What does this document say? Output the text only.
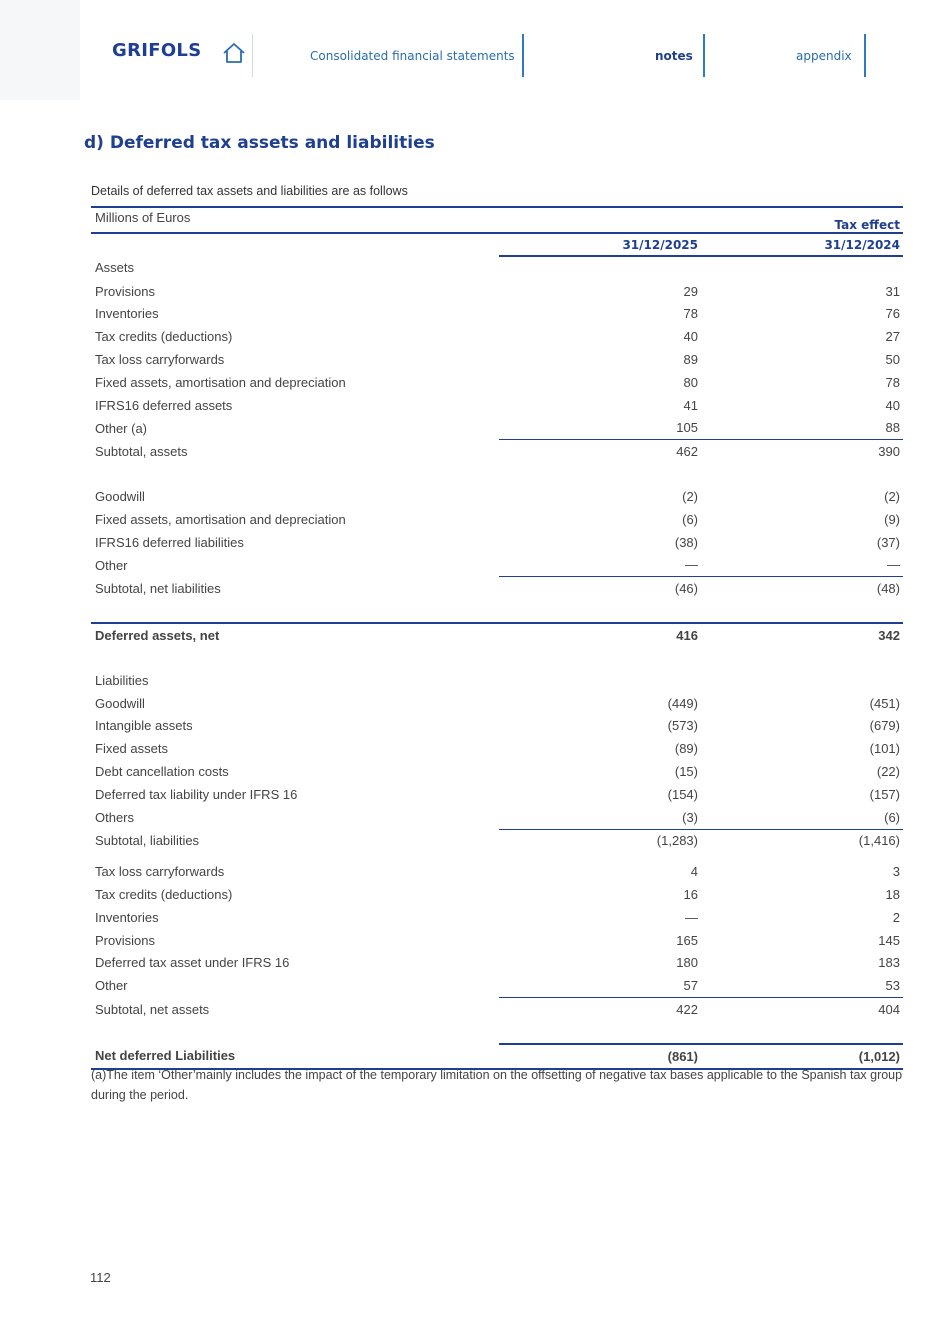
GRIFOLS	Consolidated financial statements	notes	appendix
d) Deferred tax assets and liabilities
Details of deferred tax assets and liabilities are as follows
Millions of Euros		Tax effect
	31/12/2025	31/12/2024
Assets		
Provisions	29	31
Inventories	78	76
Tax credits (deductions)	40	27
Tax loss carryforwards	89	50
Fixed assets, amortisation and depreciation	80	78
IFRS16 deferred assets	41	40
Other (a)	105	88
Subtotal, assets	462	390

Goodwill	(2)	(2)
Fixed assets, amortisation and depreciation	(6)	(9)
IFRS16 deferred liabilities	(38)	(37)
Other	—	—
Subtotal, net liabilities	(46)	(48)

Deferred assets, net	416	342

Liabilities		
Goodwill	(449)	(451)
Intangible assets	(573)	(679)
Fixed assets	(89)	(101)
Debt cancellation costs	(15)	(22)
Deferred tax liability under IFRS 16	(154)	(157)
Others	(3)	(6)
Subtotal, liabilities	(1,283)	(1,416)

Tax loss carryforwards	4	3
Tax credits (deductions)	16	18
Inventories	—	2
Provisions	165	145
Deferred tax asset under IFRS 16	180	183
Other	57	53
Subtotal, net assets	422	404

Net deferred Liabilities	(861)	(1,012)
(a)The item ‘Other’mainly includes the impact of the temporary limitation on the offsetting of negative tax bases applicable to the Spanish tax group during the period.
112
